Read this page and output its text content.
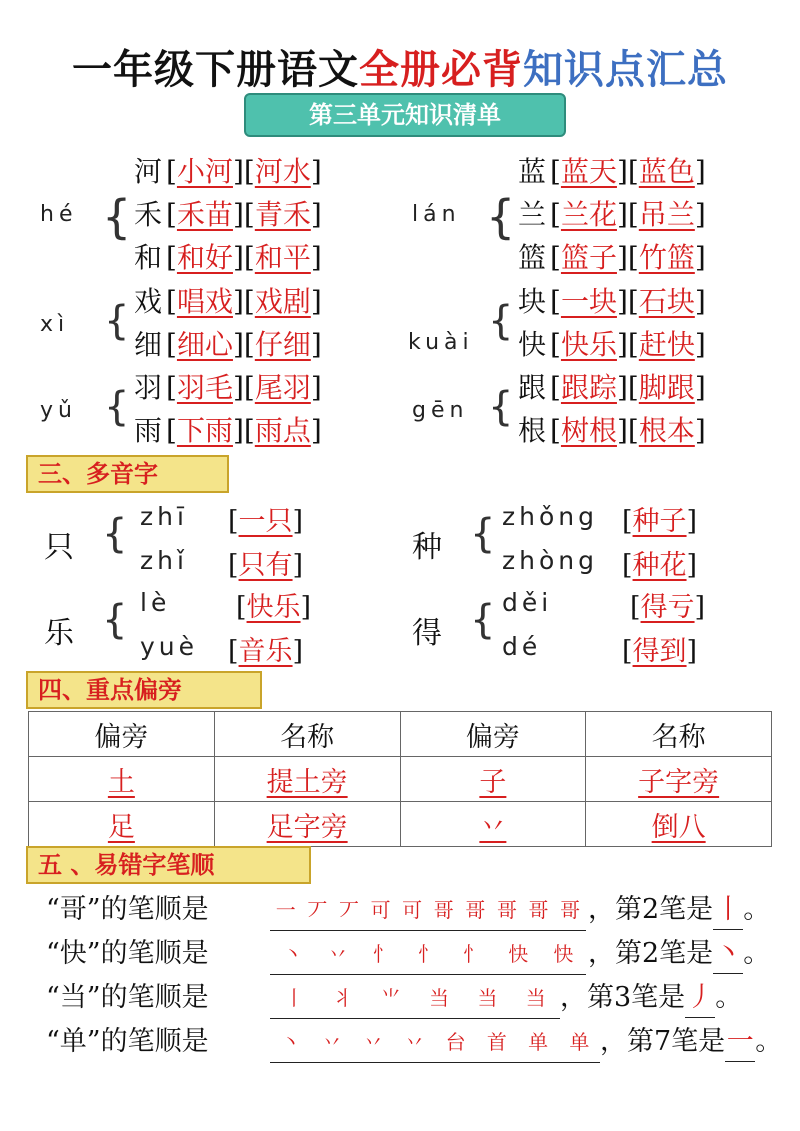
一年级下册语文全册必背知识点汇总
第三单元知识清单
hé {
河 [小河][河水]
禾 [禾苗][青禾]
和 [和好][和平]
xì { 戏 [唱戏][戏剧]
细 [细心][仔细]
yǔ { 羽 [羽毛][尾羽]
雨 [下雨][雨点]
lán {
蓝 [蓝天][蓝色]
兰 [兰花][吊兰]
篮 [篮子][竹篮]
kuài { 块 [一块][石块]
快 [快乐][赶快]
gēn { 跟 [跟踪][脚跟]
根 [树根][根本]
三、多音字
只 { zhī [一只]
zhǐ [只有]
种 { zhǒng [种子]
zhòng [种花]
乐 { lè [快乐]
yuè [音乐]
得 { děi	[得亏]
dé	[得到]
四、重点偏旁
偏旁	名称	偏旁	名称
土	提土旁	子	子字旁
足	足字旁	丷	倒八
五 、易错字笔顺
“哥”的笔顺是	一 丆 丆 可 可 哥 哥 哥 哥 哥 ，第2笔是丨。
“快”的笔顺是	丶 丷 忄 忄 忄 快 快 ，第2笔是丶。
“当”的笔顺是	丨 丬 ⺌ 当 当 当 ，第3笔是丿。
“单”的笔顺是	丶 丷 丷 丷 台 首 单 单 ，第7笔是一。
